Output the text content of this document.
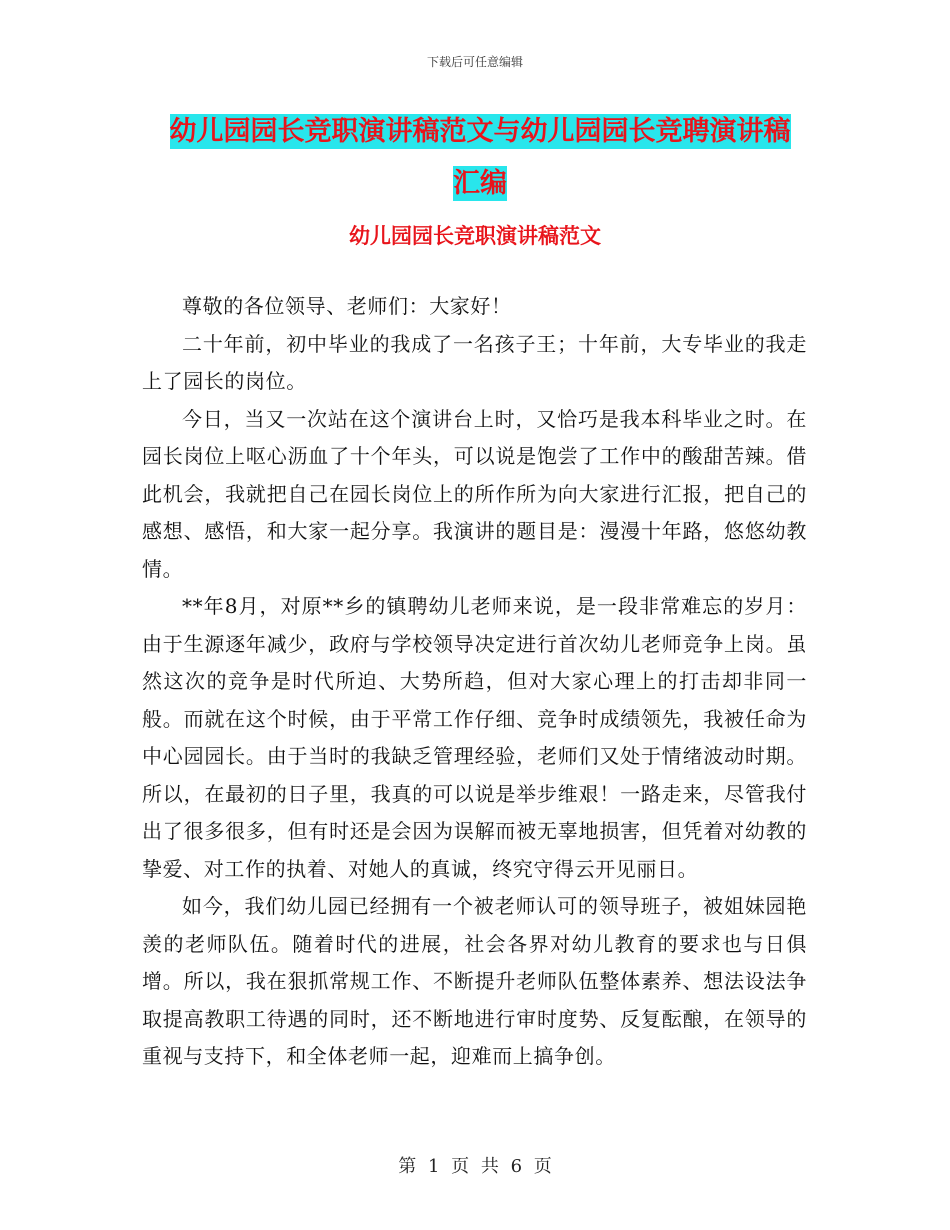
下载后可任意编辑
幼儿园园长竞职演讲稿范文与幼儿园园长竞聘演讲稿
汇编
幼儿园园长竞职演讲稿范文

尊敬的各位领导、老师们：大家好！

二十年前，初中毕业的我成了一名孩子王；十年前，大专毕业的我走上了园长的岗位。

今日，当又一次站在这个演讲台上时，又恰巧是我本科毕业之时。在园长岗位上呕心沥血了十个年头，可以说是饱尝了工作中的酸甜苦辣。借此机会，我就把自己在园长岗位上的所作所为向大家进行汇报，把自己的感想、感悟，和大家一起分享。我演讲的题目是：漫漫十年路，悠悠幼教情。

**年8月，对原**乡的镇聘幼儿老师来说，是一段非常难忘的岁月：由于生源逐年减少，政府与学校领导决定进行首次幼儿老师竞争上岗。虽然这次的竞争是时代所迫、大势所趋，但对大家心理上的打击却非同一般。而就在这个时候，由于平常工作仔细、竞争时成绩领先，我被任命为中心园园长。由于当时的我缺乏管理经验，老师们又处于情绪波动时期。所以，在最初的日子里，我真的可以说是举步维艰！一路走来，尽管我付出了很多很多，但有时还是会因为误解而被无辜地损害，但凭着对幼教的挚爱、对工作的执着、对她人的真诚，终究守得云开见丽日。

如今，我们幼儿园已经拥有一个被老师认可的领导班子，被姐妹园艳羡的老师队伍。随着时代的进展，社会各界对幼儿教育的要求也与日俱增。所以，我在狠抓常规工作、不断提升老师队伍整体素养、想法设法争取提高教职工待遇的同时，还不断地进行审时度势、反复酝酿，在领导的重视与支持下，和全体老师一起，迎难而上搞争创。

第 1 页 共 6 页
